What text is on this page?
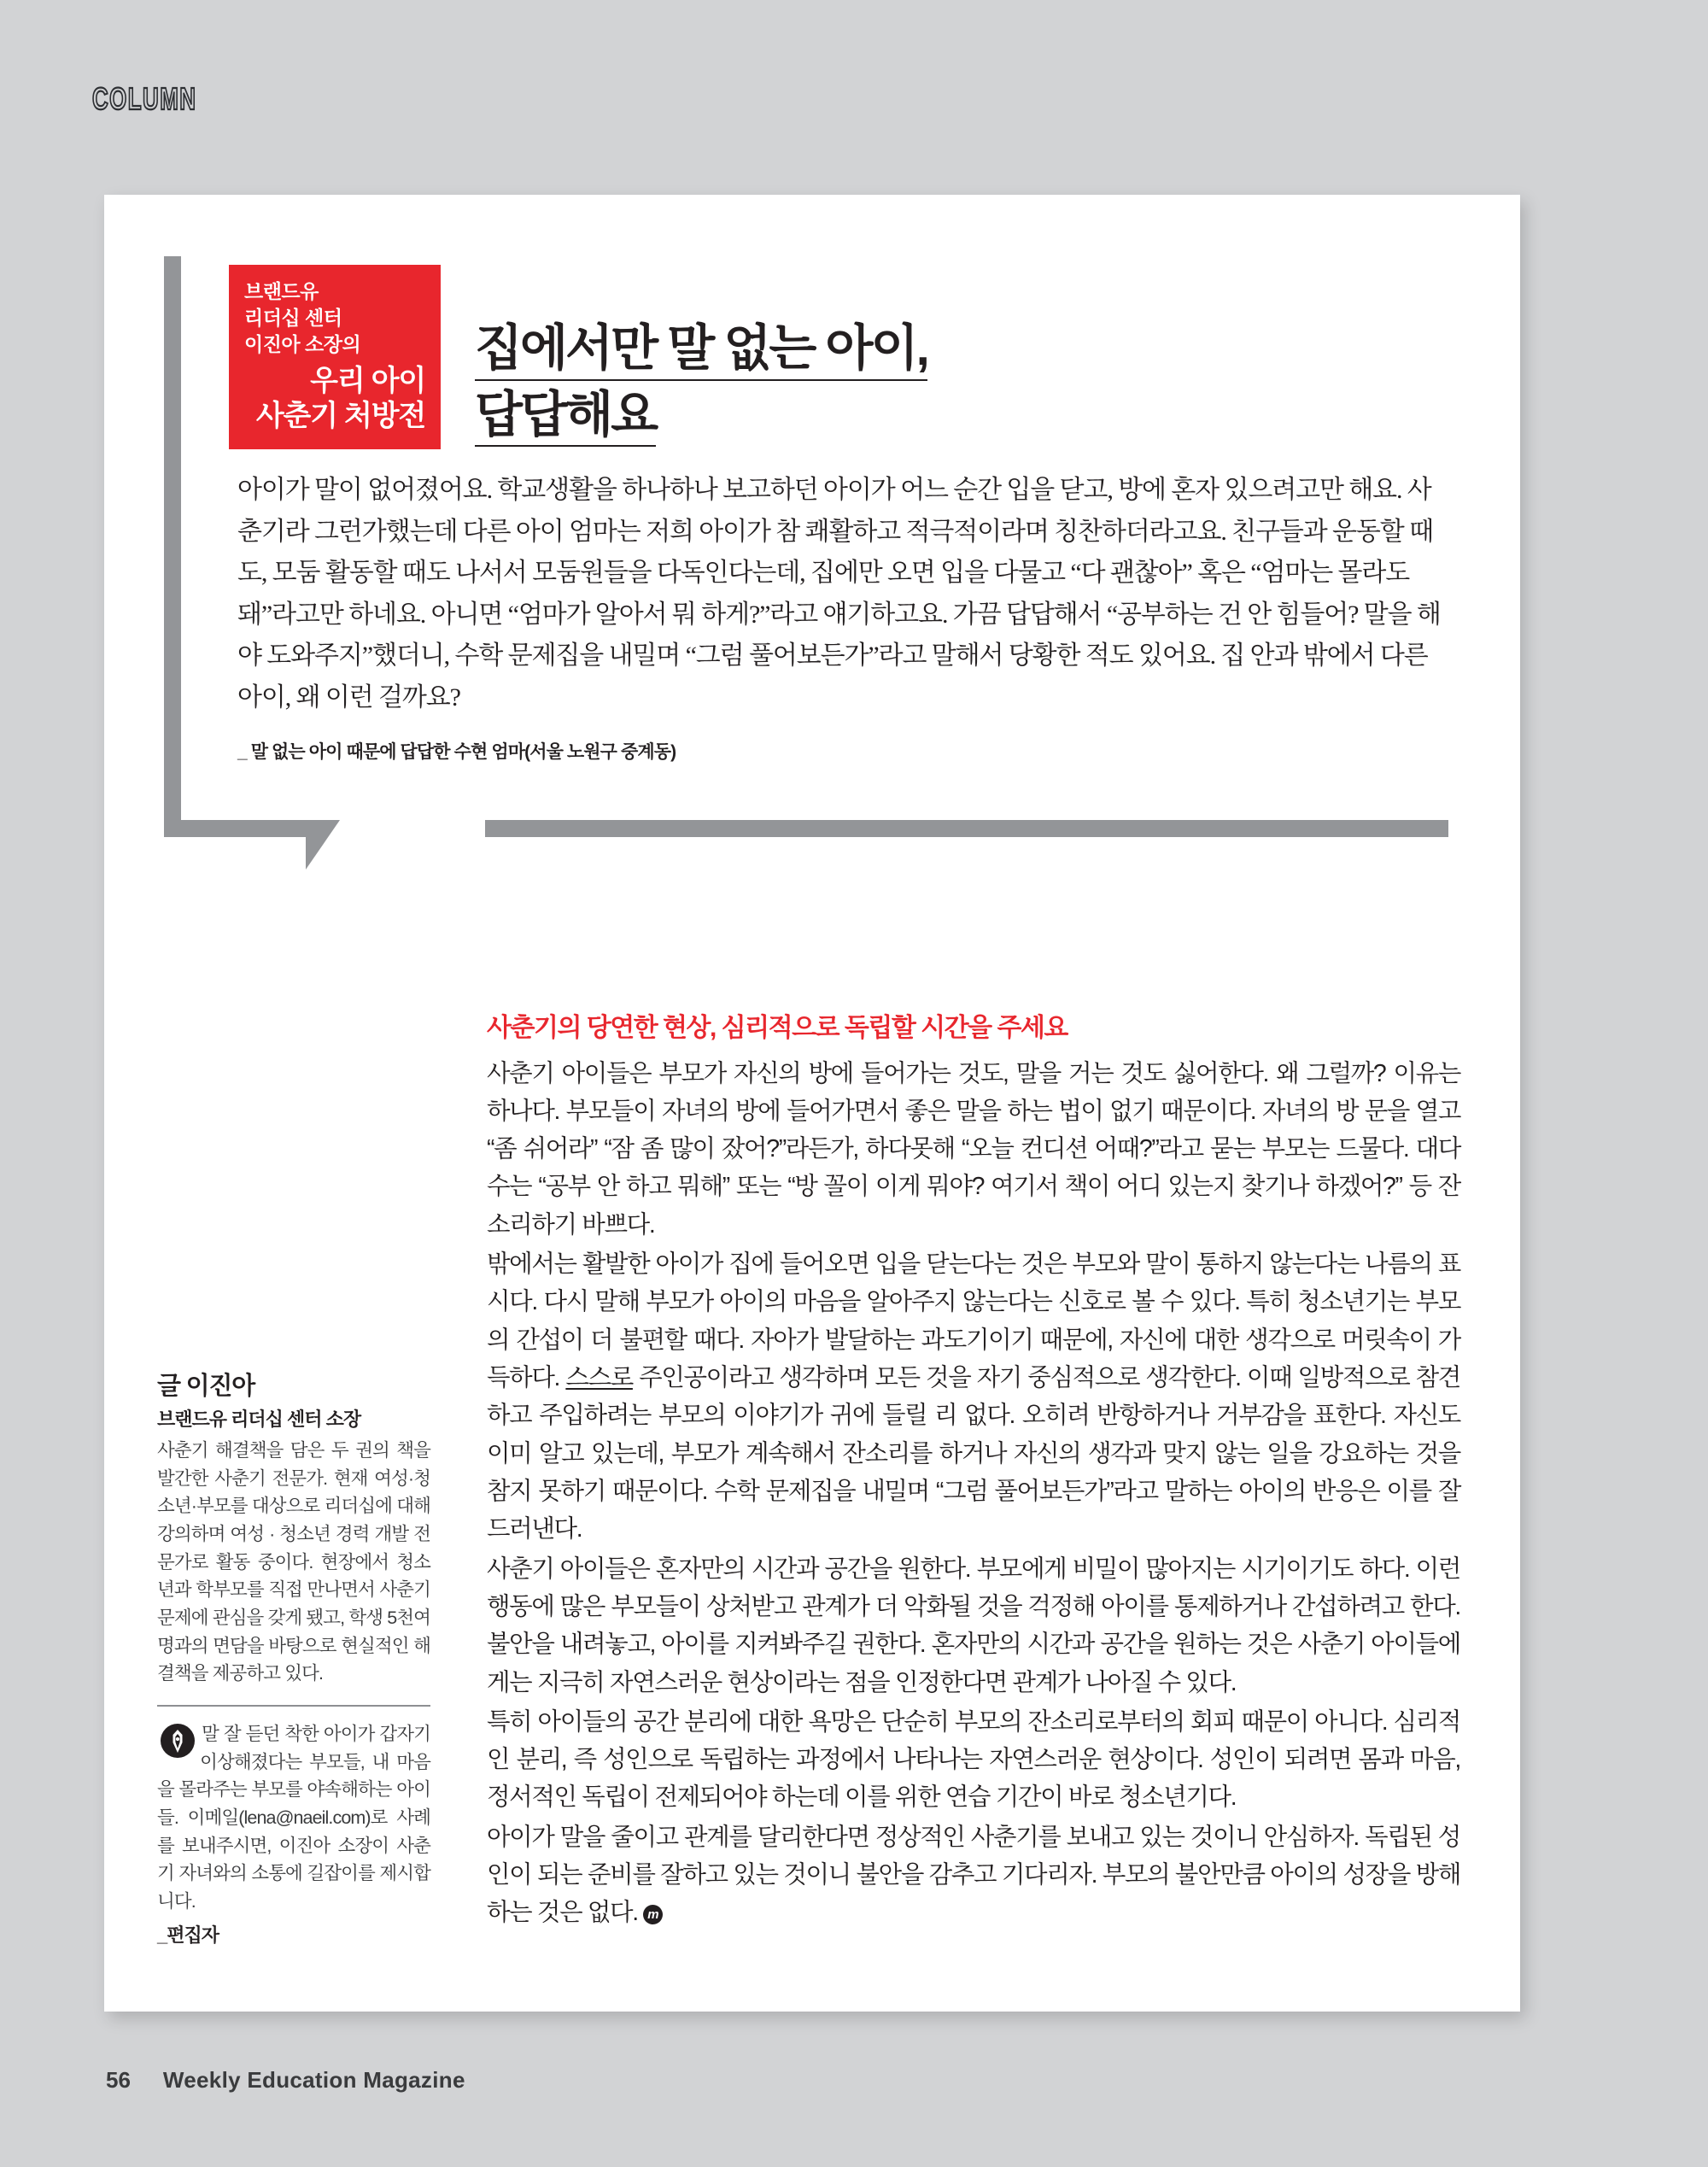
COLUMN
브랜드유
리더십 센터
이진아 소장의
우리 아이
사춘기 처방전
집에서만 말 없는 아이,
답답해요

아이가 말이 없어졌어요. 학교생활을 하나하나 보고하던 아이가 어느 순간 입을 닫고, 방에 혼자 있으려고만 해요. 사춘기라 그런가했는데 다른 아이 엄마는 저희 아이가 참 쾌활하고 적극적이라며 칭찬하더라고요. 친구들과 운동할 때도, 모둠 활동할 때도 나서서 모둠원들을 다독인다는데, 집에만 오면 입을 다물고 “다 괜찮아” 혹은 “엄마는 몰라도 돼”라고만 하네요. 아니면 “엄마가 알아서 뭐 하게?”라고 얘기하고요. 가끔 답답해서 “공부하는 건 안 힘들어? 말을 해야 도와주지”했더니, 수학 문제집을 내밀며 “그럼 풀어보든가”라고 말해서 당황한 적도 있어요. 집 안과 밖에서 다른 아이, 왜 이런 걸까요?

_ 말 없는 아이 때문에 답답한 수현 엄마(서울 노원구 중계동)
글 이진아
브랜드유 리더십 센터 소장
사춘기 해결책을 담은 두 권의 책을 발간한 사춘기 전문가. 현재 여성·청소년·부모를 대상으로 리더십에 대해 강의하며 여성 · 청소년 경력 개발 전문가로 활동 중이다. 현장에서 청소년과 학부모를 직접 만나면서 사춘기 문제에 관심을 갖게 됐고, 학생 5천여 명과의 면담을 바탕으로 현실적인 해결책을 제공하고 있다.
말 잘 듣던 착한 아이가 갑자기 이상해졌다는 부모들, 내 마음을 몰라주는 부모를 야속해하는 아이들. 이메일(lena@naeil.com)로 사례를 보내주시면, 이진아 소장이 사춘기 자녀와의 소통에 길잡이를 제시합니다.
_편집자
사춘기의 당연한 현상, 심리적으로 독립할 시간을 주세요

사춘기 아이들은 부모가 자신의 방에 들어가는 것도, 말을 거는 것도 싫어한다. 왜 그럴까? 이유는 하나다. 부모들이 자녀의 방에 들어가면서 좋은 말을 하는 법이 없기 때문이다. 자녀의 방 문을 열고 “좀 쉬어라” “잠 좀 많이 잤어?”라든가, 하다못해 “오늘 컨디션 어때?”라고 묻는 부모는 드물다. 대다수는 “공부 안 하고 뭐해” 또는 “방 꼴이 이게 뭐야? 여기서 책이 어디 있는지 찾기나 하겠어?” 등 잔소리하기 바쁘다.

밖에서는 활발한 아이가 집에 들어오면 입을 닫는다는 것은 부모와 말이 통하지 않는다는 나름의 표시다. 다시 말해 부모가 아이의 마음을 알아주지 않는다는 신호로 볼 수 있다. 특히 청소년기는 부모의 간섭이 더 불편할 때다. 자아가 발달하는 과도기이기 때문에, 자신에 대한 생각으로 머릿속이 가득하다. 스스로 주인공이라고 생각하며 모든 것을 자기 중심적으로 생각한다. 이때 일방적으로 참견하고 주입하려는 부모의 이야기가 귀에 들릴 리 없다. 오히려 반항하거나 거부감을 표한다. 자신도 이미 알고 있는데, 부모가 계속해서 잔소리를 하거나 자신의 생각과 맞지 않는 일을 강요하는 것을 참지 못하기 때문이다. 수학 문제집을 내밀며 “그럼 풀어보든가”라고 말하는 아이의 반응은 이를 잘 드러낸다.

사춘기 아이들은 혼자만의 시간과 공간을 원한다. 부모에게 비밀이 많아지는 시기이기도 하다. 이런 행동에 많은 부모들이 상처받고 관계가 더 악화될 것을 걱정해 아이를 통제하거나 간섭하려고 한다. 불안을 내려놓고, 아이를 지켜봐주길 권한다. 혼자만의 시간과 공간을 원하는 것은 사춘기 아이들에게는 지극히 자연스러운 현상이라는 점을 인정한다면 관계가 나아질 수 있다.

특히 아이들의 공간 분리에 대한 욕망은 단순히 부모의 잔소리로부터의 회피 때문이 아니다. 심리적인 분리, 즉 성인으로 독립하는 과정에서 나타나는 자연스러운 현상이다. 성인이 되려면 몸과 마음, 정서적인 독립이 전제되어야 하는데 이를 위한 연습 기간이 바로 청소년기다.

아이가 말을 줄이고 관계를 달리한다면 정상적인 사춘기를 보내고 있는 것이니 안심하자. 독립된 성인이 되는 준비를 잘하고 있는 것이니 불안을 감추고 기다리자. 부모의 불안만큼 아이의 성장을 방해하는 것은 없다. m

56 Weekly Education Magazine
